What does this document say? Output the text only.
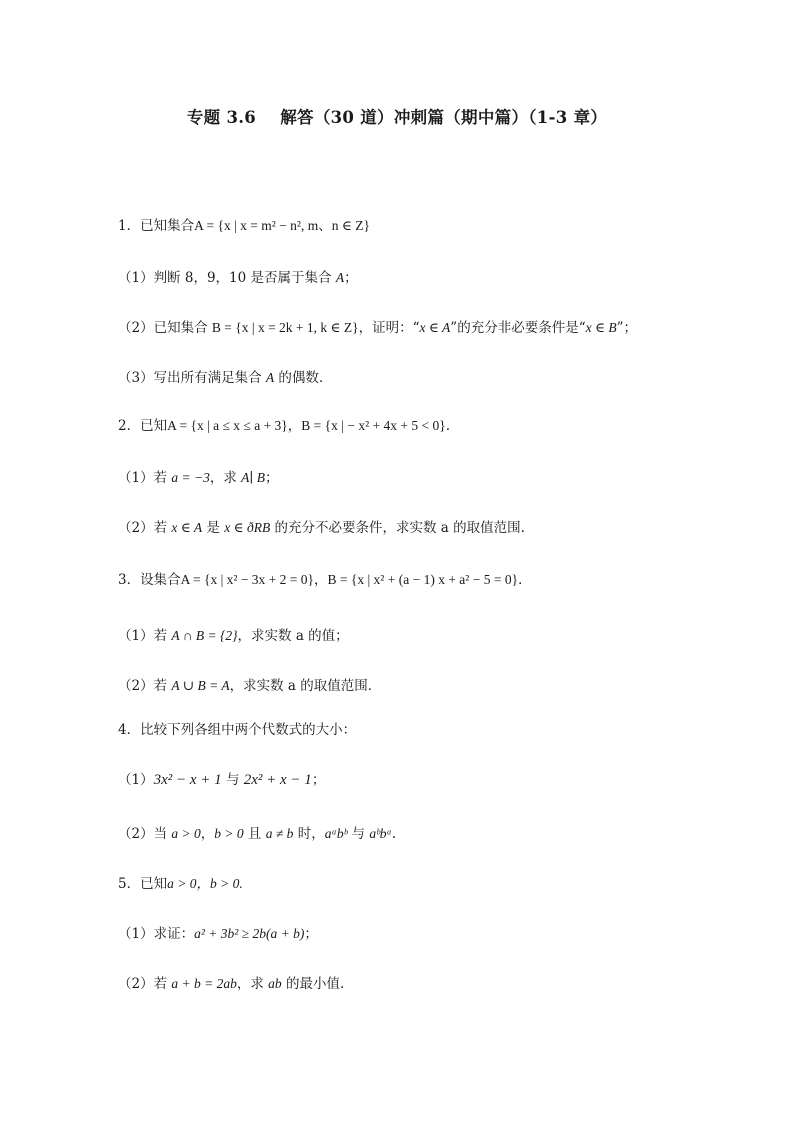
专题 3.6    解答（30 道）冲刺篇（期中篇）（1-3 章）
1．已知集合A = {x | x = m² − n², m、n ∈ Z}
（1）判断 8，9，10 是否属于集合 A；
（2）已知集合 B = {x | x = 2k + 1, k ∈ Z}，证明：“x ∈ A”的充分非必要条件是“x ∈ B”；
（3）写出所有满足集合 A 的偶数.
2．已知A = {x | a ≤ x ≤ a + 3}，B = {x | − x² + 4x + 5 < 0}.
（1）若 a = −3，求 A∣ B；
（2）若 x ∈ A 是 x ∈ ðRB 的充分不必要条件，求实数 a 的取值范围.
3．设集合A = {x | x² − 3x + 2 = 0}，B = {x | x² + (a − 1) x + a² − 5 = 0}．
（1）若 A ∩ B = {2}，求实数 a 的值；
（2）若 A ∪ B = A，求实数 a 的取值范围．
4．比较下列各组中两个代数式的大小：
（1）3x² − x + 1 与 2x² + x − 1；
（2）当 a > 0，b > 0 且 a ≠ b 时，aᵃbᵇ 与 aᵇbᵃ.
5．已知a > 0，b > 0.
（1）求证：a² + 3b² ≥ 2b(a + b)；
（2）若 a + b = 2ab，求 ab 的最小值.
